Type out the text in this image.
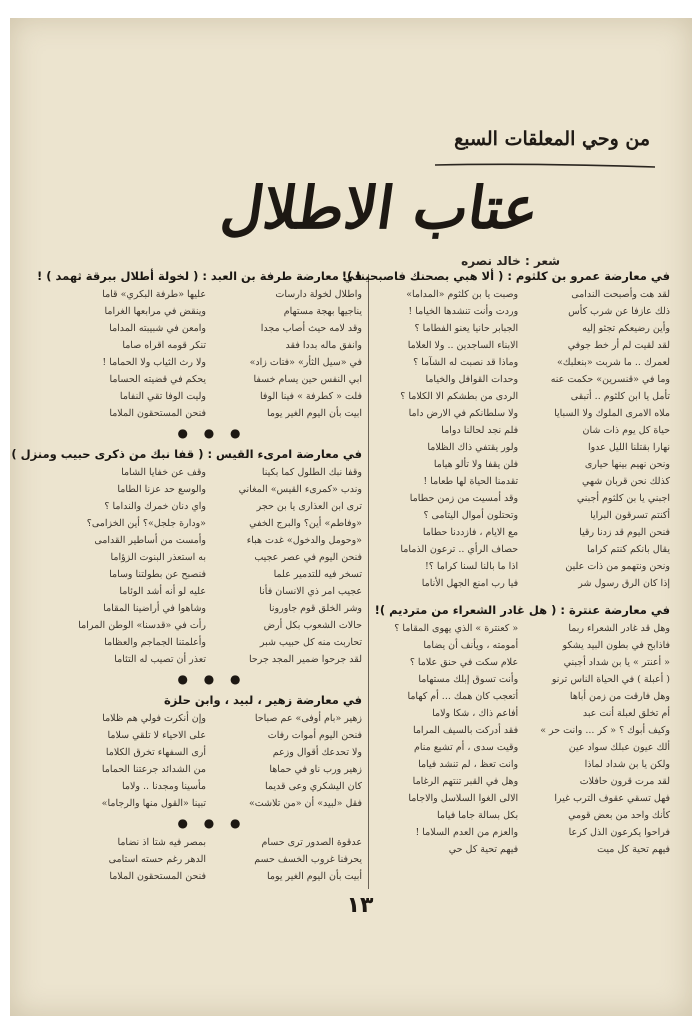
من وحي المعلقات السبع
عتاب الاطلال
شعر : خالد نصره
في معارضة عمرو بن كلثوم : ( ألا هبي بصحنك فاصبحينا )!
لقد هت وأصبحت الندامى
وصبت يا بن كلثوم «المداما»
ذلك عازفا عن شرب كأس
وردت وأنت تنشدها الخياما !
وأين رضيعكم تجثو إليه
الجبابر حانيا يعنو الفطاما ؟
لقد لقيت لم أر خط جوفي
الابناء الساجدين .. ولا العلاما
لعمرك .. ما شربت «بنعلبك»
وماذا قد نصبت له الشآما ؟
وما في «قنسرين» حكمت عنه
وحدات القوافل والخياما
تأمل يا ابن كلثوم .. أتبقى
الردى من بطشكم الا الكلاما ؟
ملاه الامرى الملوك ولا السبايا
ولا سلطانكم في الارض داما
حياة كل يوم ذات شان
فلم نجد لحالنا دواما
نهارا بقتلنا الليل عدوا
ولور يقتفي ذاك الظلاما
ونحن نهيم بينها حيارى
فلن يقفا ولا تألو هياما
كذلك نحن قربان شهي
تقدمنا الحياة لها طعاما !
اجبني يا بن كلثوم أجبني
وقد أمسيت من زمن حطاما
أكنتم تسرقون البرايا
وتحتلون أموال اليتامى ؟
فنحن اليوم قد زدنا رقيا
مع الايام ، فازددنا حطاما
يقال بانكم كنتم كراما
حصاف الرأي .. ترعون الذماما
ونحن ونتهمو من ذات علين
اذا ما بالنا لسنا كراما ؟!
إذا كان الرق رسول شر
فيا رب امنع الجهل الأناما
في معارضة عنترة : ( هل غادر الشعراء من مترديم )!
وهل قد غادر الشعراء ربما
« كعنترة » الذي يهوى المقاما ؟
فاذابح في بطون البيد يشكو
أمومته ، ويأنف أن يضاما
« أعنتر » يا بن شداد أجبني
علام سكت في حنق علاما ؟
( أعبلة ) في الحياة الناس ترنو
وأنت تسوق إبلك مستهاما
وهل فارقت من زمن أباها
أتعجب كان همك ... أم كهاما
أم تخلق لعبلة أنت عبد
أفاعم ذاك ، شكا ولاما
وكيف أبوك ؟ « كر ... وانت حر »
فقد أدركت بالسيف المراما
ألك عيون عبلك سواد عين
وقيت سدى ، أم تشيع منام
ولكن يا بن شداد لماذا
وانت تعظ ، لم تنشد فياما
لقد مرت قرون حافلات
وهل في القبر تنتهم الرغاما
فهل تسقي عقوف الترب غيرا
الالى الغوا السلاسل والاجاما
كأنك واحد من بعض قومي
بكل بسالة جاما فياما
فراحوا يكرعون الذل كرعا
والعزم من العدم السلاما !
فيهم تحية كل ميت
فيهم تحية كل حي
في معارضة طرفة بن العبد : ( لخولة أطلال ببرقة ثهمد ) !
واطلال لخولة دارسات
عليها «طرفة البكري» قاما
يناجيها بهجة مستهام
وينقض في مرابعها الغراما
وقد لامه حيث أصاب مجدا
وامعن في شبيبته المداما
وانفق ماله بددا فقد
تنكر قومه اقراه صاما
في «سيل الثأر» «فتات زاد»
ولا رث الثياب ولا الحماما !
ابي النفس حين يسام خسفا
يحكم في قضيته الحساما
فلت « كطرفة » فينا الوفا
وليت الوفا تقي النفاما
ابيت بأن اليوم الغير يوما
فنحن المستحقون الملاما
● ● ●
في معارضة امرىء القيس : ( قفا نبك من ذكرى حبيب ومنزل )
وقفا نبك الطلول كما بكينا
وقف عن خفايا الشاما
وندب «كمرىء القيس» المغاني
والوسع حد عزنا الطاما
ترى ابن العذارى يا بن حجر
واي دنان خمرك والنداما ؟
«وفاطم» أين؟ والبرج الخفي
«ودارة جلجل»؟ أين الخزامى؟
«وحومل والدخول» غدت هباء
وأمست من أساطير القدامى
فنحن اليوم في عصر عجيب
به استعذر البنوت الزؤاما
تسخر فيه للتدمير علما
فنصبح عن بطولتنا وساما
عجيب امر ذي الانسان فأنا
عليه لو أنه أشد الوئاما
وشر الخلق قوم جاورونا
وشاهوا في أراضينا المقاما
حالات الشعوب بكل أرض
رأت في «قدسنا» الوطن المراما
تحاربت منه كل حبيب شبر
وأعلمتنا الجماجم والعظاما
لقد جرحوا ضمير المجد جرحا
تعذر أن تصيب له التئاما
● ● ●
في معارضة زهير ، لبيد ، وابن حلزة
زهير «بام أوفى» عم صباحا
وإن أنكرت فولي هم ظلاما
فنحن اليوم أموات رفات
على الاحياء لا تلقي سلاما
ولا تحدعك أقوال وزعم
أرى السفهاء تخرق الكلاما
زهير ورب ناو في حماها
من الشدائد جرعتنا الحماما
كان اليشكري وعى قديما
مأسينا ومجدنا .. ولاما
فقل «لبيد» أن «من تلاشت»
تبينا «القول منها والرجاما»
● ● ●
عدقوة الصدور ترى حسام
بمصر فيه شتا اذ نضاما
يحرفنا غروب الخسف حسم
الدهر رغم حسته استامى
أبيت بأن اليوم الغير يوما
فنحن المستحقون الملاما
١٣
